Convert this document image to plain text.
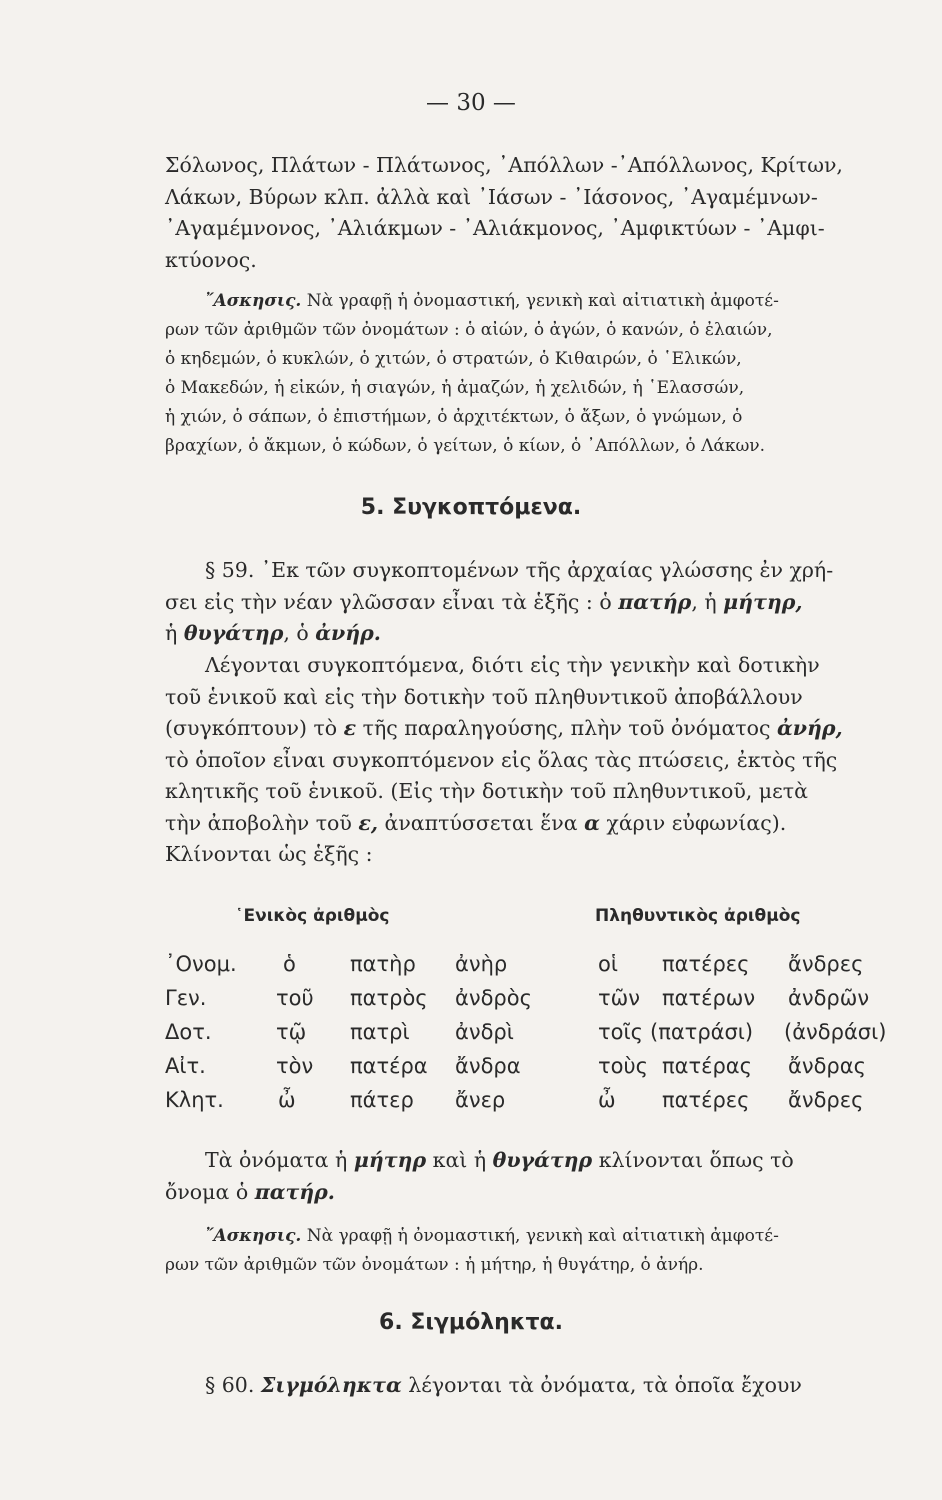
— 30 —
Σόλωνος, Πλάτων - Πλάτωνος, ᾿Απόλλων -᾿Απόλλωνος, Κρίτων,
Λάκων, Βύρων κλπ. ἀλλὰ καὶ ᾿Ιάσων - ᾿Ιάσονος, ᾿Αγαμέμνων-
᾿Αγαμέμνονος, ᾿Αλιάκμων - ᾿Αλιάκμονος, ᾿Αμφικτύων - ᾿Αμφι-
κτύονος.
῎Ασκησις. Νὰ γραφῇ ἡ ὀνομαστική, γενικὴ καὶ αἰτιατικὴ ἀμφοτέ-
ρων τῶν ἀριθμῶν τῶν ὀνομάτων : ὁ αἰών, ὁ ἀγών, ὁ κανών, ὁ ἐλαιών,
ὁ κηδεμών, ὁ κυκλών, ὁ χιτών, ὁ στρατών, ὁ Κιθαιρών, ὁ ῾Ελικών,
ὁ Μακεδών, ἡ εἰκών, ἡ σιαγών, ἡ ἀμαζών, ἡ χελιδών, ἡ ῾Ελασσών,
ἡ χιών, ὁ σάπων, ὁ ἐπιστήμων, ὁ ἀρχιτέκτων, ὁ ἄξων, ὁ γνώμων, ὁ
βραχίων, ὁ ἄκμων, ὁ κώδων, ὁ γείτων, ὁ κίων, ὁ ᾿Απόλλων, ὁ Λάκων.
5. Συγκοπτόμενα.
§ 59. ᾿Εκ τῶν συγκοπτομένων τῆς ἀρχαίας γλώσσης ἐν χρή-
σει εἰς τὴν νέαν γλῶσσαν εἶναι τὰ ἑξῆς : ὁ πατήρ, ἡ μήτηρ,
ἡ θυγάτηρ, ὁ ἀνήρ.
Λέγονται συγκοπτόμενα, διότι εἰς τὴν γενικὴν καὶ δοτικὴν
τοῦ ἑνικοῦ καὶ εἰς τὴν δοτικὴν τοῦ πληθυντικοῦ ἀποβάλλουν
(συγκόπτουν) τὸ ε τῆς παραληγούσης, πλὴν τοῦ ὀνόματος ἀνήρ,
τὸ ὁποῖον εἶναι συγκοπτόμενον εἰς ὅλας τὰς πτώσεις, ἐκτὸς τῆς
κλητικῆς τοῦ ἑνικοῦ. (Εἰς τὴν δοτικὴν τοῦ πληθυντικοῦ, μετὰ
τὴν ἀποβολὴν τοῦ ε, ἀναπτύσσεται ἕνα α χάριν εὐφωνίας).
Κλίνονται ὡς ἑξῆς :
῾Ενικὸς ἀριθμὸς	Πληθυντικὸς ἀριθμὸς
᾿Ονομ. ὁ	πατὴρ ἀνὴρ	οἱ πατέρες ἄνδρες
Γεν.	τοῦ πατρὸς ἀνδρὸς	τῶν πατέρων ἀνδρῶν
Δοτ.	τῷ πατρὶ ἀνδρὶ	τοῖς (πατράσι) (ἀνδράσι)
Αἰτ.	τὸν πατέρα ἄνδρα	τοὺς πατέρας ἄνδρας
Κλητ.	ὦ	πάτερ ἄνερ	ὦ πατέρες ἄνδρες
Τὰ ὀνόματα ἡ μήτηρ καὶ ἡ θυγάτηρ κλίνονται ὅπως τὸ
ὄνομα ὁ πατήρ.
῎Ασκησις. Νὰ γραφῇ ἡ ὀνομαστική, γενικὴ καὶ αἰτιατικὴ ἀμφοτέ-
ρων τῶν ἀριθμῶν τῶν ὀνομάτων : ἡ μήτηρ, ἡ θυγάτηρ, ὁ ἀνήρ.
6. Σιγμόληκτα.
§ 60. Σιγμόληκτα λέγονται τὰ ὀνόματα, τὰ ὁποῖα ἔχουν
